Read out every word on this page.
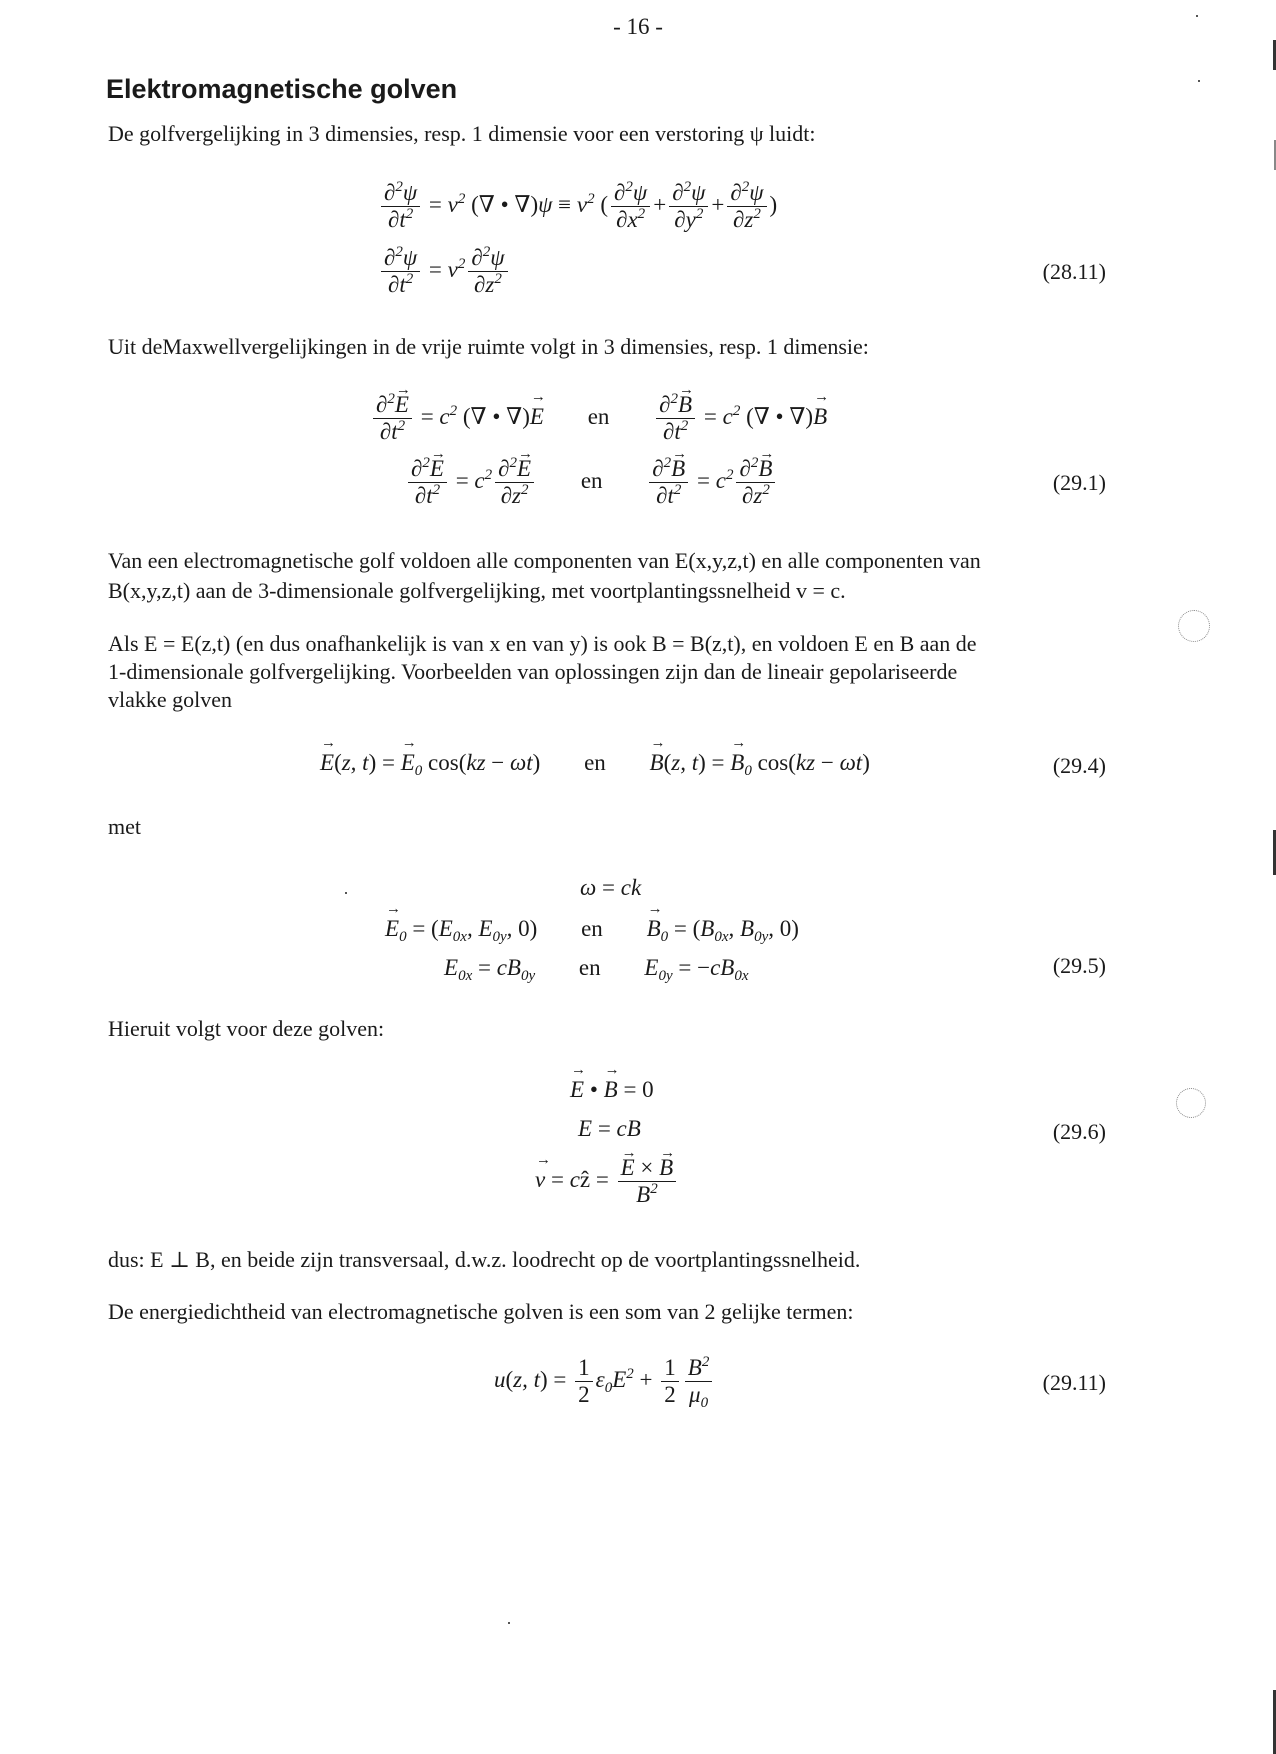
- 16 -
Elektromagnetische golven
De golfvergelijking in 3 dimensies, resp. 1 dimensie voor een verstoring ψ luidt:
$\frac{\partial^2\psi}{\partial t^2} = v^2$ (∇ • $\nabla)\psi \equiv v^2$ ( $\frac{\partial^2\psi}{\partial x^2} + \frac{\partial^2\psi}{\partial y^2} + \frac{\partial^2\psi}{\partial z^2}$ )
$\frac{\partial^2\psi}{\partial t^2} = v^2 \frac{\partial^2\psi}{\partial z^2}$	(28.11)
Uit deMaxwellvergelijkingen in de vrije ruimte volgt in 3 dimensies, resp. 1 dimensie:
$\frac{\partial^2\to E}{\partial t^2} = c^2$ (∇ • ∇)→ E en $\frac{\partial^2\to B}{\partial t^2} = c^2$ (∇ • ∇)→ B
$\frac{\partial^2\to E}{\partial t^2} = c^2 \frac{\partial^2\to E}{\partial z^2}$ en $\frac{\partial^2\to B}{\partial t^2} = c^2 \frac{\partial^2\to B}{\partial z^2}$	(29.1)
Van een electromagnetische golf voldoen alle componenten van E(x,y,z,t) en alle componenten van
B(x,y,z,t) aan de 3-dimensionale golfvergelijking, met voortplantingssnelheid v = c.
Als E = E(z,t) (en dus onafhankelijk is van x en van y) is ook B = B(z,t), en voldoen E en B aan de
1-dimensionale golfvergelijking. Voorbeelden van oplossingen zijn dan de lineair gepolariseerde
vlakke golven
→ E(z, t) = → $E_0$ cos(kz − ωt) en → B(z, t) = → $B_0$ cos(kz − ωt)	(29.4)
met
ω = ck
→ $E_0 = (E_{0x}$, $E_{0y}$, 0) en → $B_0 = (B_{0x}$, $B_{0y}$, 0)
$E_{0x} = cB_{0y}$ en $E_{0y} = -cB_{0x}$	(29.5)
Hieruit volgt voor deze golven:
→ E • → B = 0
E = cB
→ v = cẑ = → $\frac{E \times \to B}{B^2}$
(29.6)
dus: E ⊥ B, en beide zijn transversaal, d.w.z. loodrecht op de voortplantingssnelheid.
De energiedichtheid van electromagnetische golven is een som van 2 gelijke termen:
u(z, $t) = \frac{1}{2} \varepsilon_0E^2 + \frac{1}{2} \frac{B^2}{\mu_0}$	(29.11)
